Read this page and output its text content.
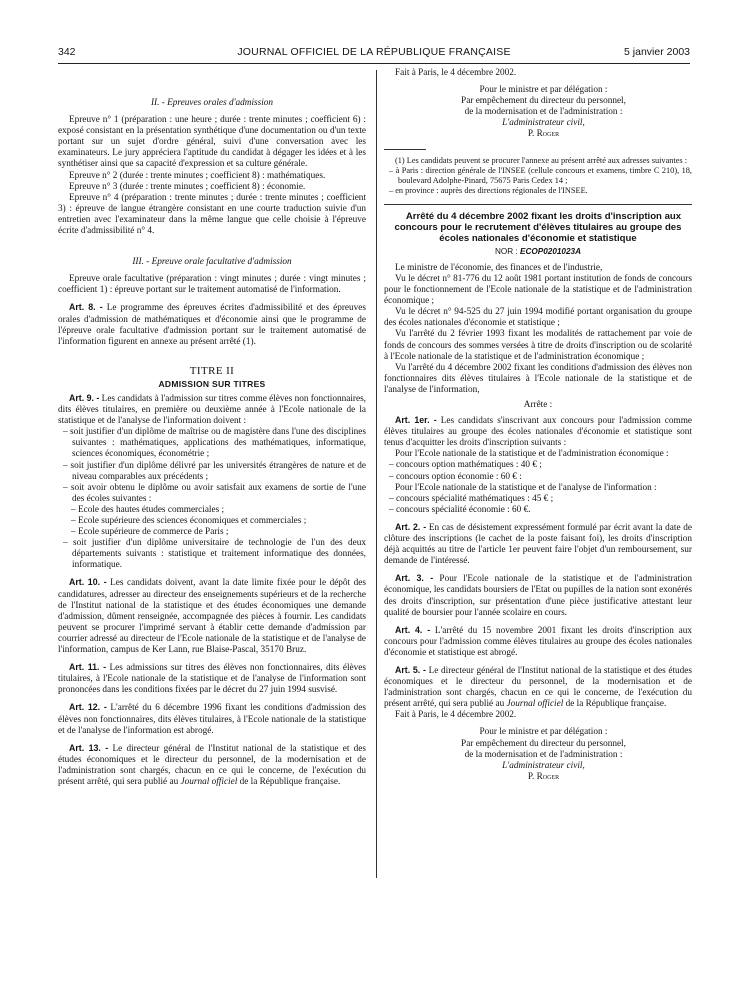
342	JOURNAL OFFICIEL DE LA RÉPUBLIQUE FRANÇAISE	5 janvier 2003
II. - Epreuves orales d'admission

Epreuve n° 1 (préparation : une heure ; durée : trente minutes ; coefficient 6) : exposé consistant en la présentation synthétique d'une documentation ou d'un texte portant sur un sujet d'ordre général, suivi d'une conversation avec les examinateurs. Le jury appréciera l'aptitude du candidat à dégager les idées et à les synthétiser ainsi que sa capacité d'expression et sa culture générale.

Epreuve n° 2 (durée : trente minutes ; coefficient 8) : mathématiques.

Epreuve n° 3 (durée : trente minutes ; coefficient 8) : économie.

Epreuve n° 4 (préparation : trente minutes ; durée : trente minutes ; coefficient 3) : épreuve de langue étrangère consistant en une courte traduction suivie d'un entretien avec l'examinateur dans la même langue que celle choisie à l'épreuve écrite d'admissibilité n° 4.

III. - Epreuve orale facultative d'admission

Epreuve orale facultative (préparation : vingt minutes ; durée : vingt minutes ; coefficient 1) : épreuve portant sur le traitement automatisé de l'information.

Art. 8. - Le programme des épreuves écrites d'admissibilité et des épreuves orales d'admission de mathématiques et d'économie ainsi que le programme de l'épreuve orale facultative d'admission portant sur le traitement automatisé de l'information figurent en annexe au présent arrêté (1).

TITRE II
ADMISSION SUR TITRES

Art. 9. - Les candidats à l'admission sur titres comme élèves non fonctionnaires, dits élèves titulaires, en première ou deuxième année à l'Ecole nationale de la statistique et de l'analyse de l'information doivent :

– soit justifier d'un diplôme de maîtrise ou de magistère dans l'une des disciplines suivantes : mathématiques, applications des mathématiques, informatique, sciences économiques, économétrie ;
– soit justifier d'un diplôme délivré par les universités étrangères de nature et de niveau comparables aux précédents ;
– soit avoir obtenu le diplôme ou avoir satisfait aux examens de sortie de l'une des écoles suivantes :
– Ecole des hautes études commerciales ;
– Ecole supérieure des sciences économiques et commerciales ;
– Ecole supérieure de commerce de Paris ;
– soit justifier d'un diplôme universitaire de technologie de l'un des deux départements suivants : statistique et traitement informatique des données, informatique.

Art. 10. - Les candidats doivent, avant la date limite fixée pour le dépôt des candidatures, adresser au directeur des enseignements supérieurs et de la recherche de l'Institut national de la statistique et des études économiques une demande d'admission, dûment renseignée, accompagnée des pièces à fournir. Les candidats peuvent se procurer l'imprimé servant à établir cette demande d'admission par courrier adressé au directeur de l'Ecole nationale de la statistique et de l'analyse de l'information, campus de Ker Lann, rue Blaise-Pascal, 35170 Bruz.

Art. 11. - Les admissions sur titres des élèves non fonctionnaires, dits élèves titulaires, à l'Ecole nationale de la statistique et de l'analyse de l'information sont prononcées dans les conditions fixées par le décret du 27 juin 1994 susvisé.

Art. 12. - L'arrêté du 6 décembre 1996 fixant les conditions d'admission des élèves non fonctionnaires, dits élèves titulaires, à l'Ecole nationale de la statistique et de l'analyse de l'information est abrogé.

Art. 13. - Le directeur général de l'Institut national de la statistique et des études économiques et le directeur du personnel, de la modernisation et de l'administration sont chargés, chacun en ce qui le concerne, de l'exécution du présent arrêté, qui sera publié au Journal officiel de la République française.

Fait à Paris, le 4 décembre 2002.

Pour le ministre et par délégation :

Par empêchement du directeur du personnel,

de la modernisation et de l'administration :

L'administrateur civil,

P. Roger

(1) Les candidats peuvent se procurer l'annexe au présent arrêté aux adresses suivantes :

– à Paris : direction générale de l'INSEE (cellule concours et examens, timbre C 210), 18, boulevard Adolphe-Pinard, 75675 Paris Cedex 14 ;
– en province : auprès des directions régionales de l'INSEE.

Arrêté du 4 décembre 2002 fixant les droits d'inscription aux concours pour le recrutement d'élèves titulaires au groupe des écoles nationales d'économie et statistique

NOR : ECOP0201023A

Le ministre de l'économie, des finances et de l'industrie,

Vu le décret n° 81-776 du 12 août 1981 portant institution de fonds de concours pour le fonctionnement de l'Ecole nationale de la statistique et de l'administration économique ;

Vu le décret n° 94-525 du 27 juin 1994 modifié portant organisation du groupe des écoles nationales d'économie et statistique ;

Vu l'arrêté du 2 février 1993 fixant les modalités de rattachement par voie de fonds de concours des sommes versées à titre de droits d'inscription ou de scolarité à l'Ecole nationale de la statistique et de l'administration économique ;

Vu l'arrêté du 4 décembre 2002 fixant les conditions d'admission des élèves non fonctionnaires dits élèves titulaires à l'Ecole nationale de la statistique et de l'analyse de l'information,

Arrête :

Art. 1er. - Les candidats s'inscrivant aux concours pour l'admission comme élèves titulaires au groupe des écoles nationales d'économie et statistique sont tenus d'acquitter les droits d'inscription suivants :

Pour l'Ecole nationale de la statistique et de l'administration économique :

– concours option mathématiques : 40 € ;
– concours option économie : 60 € :

Pour l'Ecole nationale de la statistique et de l'analyse de l'information :

– concours spécialité mathématiques : 45 € ;
– concours spécialité économie : 60 €.

Art. 2. - En cas de désistement expressément formulé par écrit avant la date de clôture des inscriptions (le cachet de la poste faisant foi), les droits d'inscription déjà acquittés au titre de l'article 1er peuvent faire l'objet d'un remboursement, sur demande de l'intéressé.

Art. 3. - Pour l'Ecole nationale de la statistique et de l'administration économique, les candidats boursiers de l'Etat ou pupilles de la nation sont exonérés des droits d'inscription, sur présentation d'une pièce justificative attestant leur qualité de boursier pour l'année scolaire en cours.

Art. 4. - L'arrêté du 15 novembre 2001 fixant les droits d'inscription aux concours pour l'admission comme élèves titulaires au groupe des écoles nationales d'économie et statistique est abrogé.

Art. 5. - Le directeur général de l'Institut national de la statistique et des études économiques et le directeur du personnel, de la modernisation et de l'administration sont chargés, chacun en ce qui le concerne, de l'exécution du présent arrêté, qui sera publié au Journal officiel de la République française.

Fait à Paris, le 4 décembre 2002.

Pour le ministre et par délégation :

Par empêchement du directeur du personnel,

de la modernisation et de l'administration :

L'administrateur civil,

P. Roger
